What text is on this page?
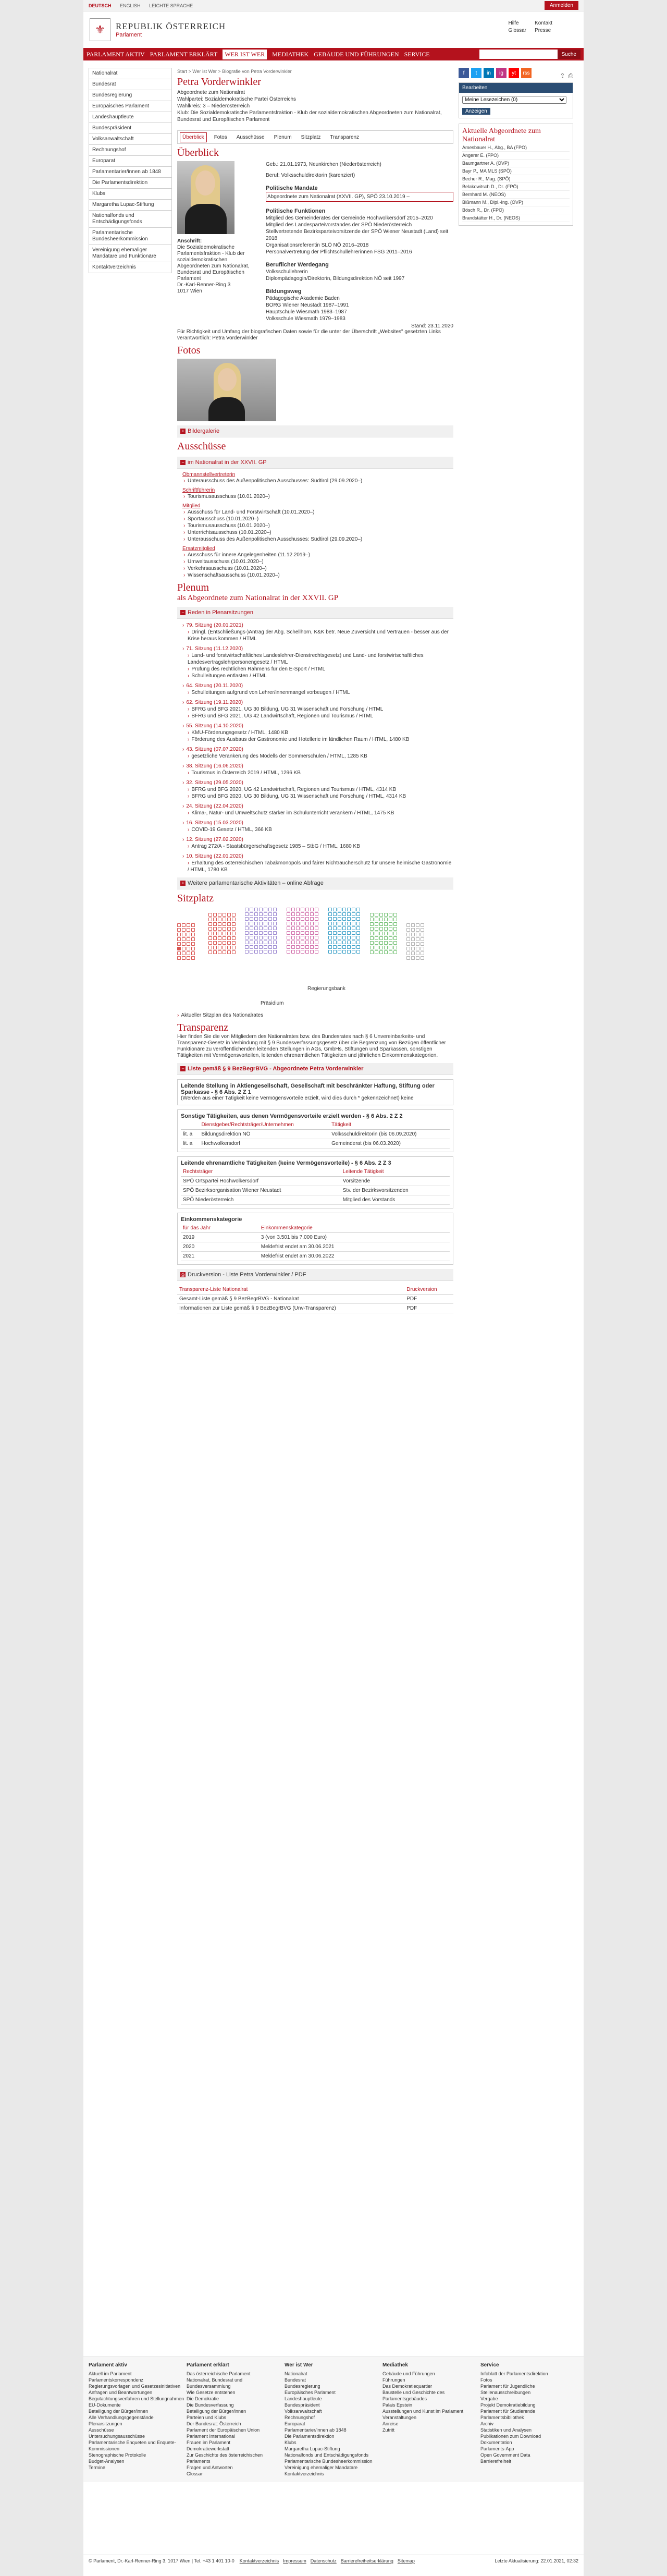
DEUTSCH ENGLISH LEICHTE SPRACHE	Anmelden
⚜	REPUBLIK ÖSTERREICH
Parlament
Hilfe
Glossar
Kontakt
Presse
PARLAMENT AKTIV PARLAMENT ERKLÄRT	WER IST WER	MEDIATHEK GEBÄUDE UND FÜHRUNGEN SERVICE	Suche
Nationalrat
Bundesrat
Bundesregierung
Europäisches Parlament
Landeshauptleute
Bundespräsident
Volksanwaltschaft
Rechnungshof
Europarat
Parlamentarier/innen ab 1848
Die Parlamentsdirektion
Klubs
Margaretha Lupac-Stiftung
Nationalfonds und Entschädigungsfonds
Parlamentarische Bundesheerkommission
Vereinigung ehemaliger Mandatare und Funktionäre
Kontaktverzeichnis
Start > Wer ist Wer > Biografie von Petra Vorderwinkler
Petra Vorderwinkler
Abgeordnete zum Nationalrat
Wahlpartei: Sozialdemokratische Partei Österreichs
Wahlkreis: 3 – Niederösterreich
Klub: Die Sozialdemokratische Parlamentsfraktion - Klub der sozialdemokratischen Abgeordneten zum Nationalrat, Bundesrat und Europäischen Parlament
Überblick	Fotos	Ausschüsse	Plenum	Sitzplatz	Transparenz
Überblick
Anschrift:
Die Sozialdemokratische Parlamentsfraktion - Klub der sozialdemokratischen Abgeordneten zum Nationalrat, Bundesrat und Europäischen Parlament
Dr.-Karl-Renner-Ring 3
1017 Wien
Geb.: 21.01.1973, Neunkirchen (Niederösterreich)
Beruf: Volksschuldirektorin (karenziert)
Politische Mandate
Abgeordnete zum Nationalrat (XXVII. GP), SPÖ 23.10.2019 –
Politische Funktionen
Mitglied des Gemeinderates der Gemeinde Hochwolkersdorf 2015–2020
Mitglied des Landesparteivorstandes der SPÖ Niederösterreich
Stellvertretende Bezirksparteivorsitzende der SPÖ Wiener Neustadt (Land) seit 2018
Organisationsreferentin SLÖ NÖ 2016–2018
Personalvertretung der Pflichtschullehrerinnen FSG 2011–2016
Beruflicher Werdegang
Volksschullehrerin
Diplompädagogin/Direktorin, Bildungsdirektion NÖ seit 1997
Bildungsweg
Pädagogische Akademie Baden
BORG Wiener Neustadt 1987–1991
Hauptschule Wiesmath 1983–1987
Volksschule Wiesmath 1979–1983
Stand: 23.11.2020
Für Richtigkeit und Umfang der biografischen Daten sowie für die unter der Überschrift „Websites" gesetzten Links verantwortlich: Petra Vorderwinkler
Fotos
+ Bildergalerie
Ausschüsse
− im Nationalrat in der XXVII. GP
Obmannstellvertreterin
› Unterausschuss des Außenpolitischen Ausschusses: Südtirol (29.09.2020–)
Schriftführerin
› Tourismusausschuss (10.01.2020–)
Mitglied
› Ausschuss für Land- und Forstwirtschaft (10.01.2020–)
› Sportausschuss (10.01.2020–)
› Tourismusausschuss (10.01.2020–)
› Unterrichtsausschuss (10.01.2020–)
› Unterausschuss des Außenpolitischen Ausschusses: Südtirol (29.09.2020–)
Ersatzmitglied
› Ausschuss für innere Angelegenheiten (11.12.2019–)
› Umweltausschuss (10.01.2020–)
› Verkehrsausschuss (10.01.2020–)
› Wissenschaftsausschuss (10.01.2020–)
Plenum
als Abgeordnete zum Nationalrat in der XXVII. GP
− Reden in Plenarsitzungen
› 79. Sitzung (20.01.2021)
› Dringl. (Entschließungs-)Antrag der Abg. Schellhorn, K&K betr. Neue Zuversicht und Vertrauen - besser aus der Krise heraus kommen / HTML
› 71. Sitzung (11.12.2020)
› Land- und forstwirtschaftliches Landeslehrer-Dienstrechtsgesetz) und Land- und forstwirtschaftliches Landesvertragslehrpersonengesetz / HTML
› Prüfung des rechtlichen Rahmens für den E-Sport / HTML
› Schulleitungen entlasten / HTML
› 64. Sitzung (20.11.2020)
› Schulleitungen aufgrund von Lehrer/innenmangel vorbeugen / HTML
› 62. Sitzung (19.11.2020)
› BFRG und BFG 2021, UG 30 Bildung, UG 31 Wissenschaft und Forschung / HTML
› BFRG und BFG 2021, UG 42 Landwirtschaft, Regionen und Tourismus / HTML
› 55. Sitzung (14.10.2020)
› KMU-Förderungsgesetz / HTML, 1480 KB
› Förderung des Ausbaus der Gastronomie und Hotellerie im ländlichen Raum / HTML, 1480 KB
› 43. Sitzung (07.07.2020)
› gesetzliche Verankerung des Modells der Sommerschulen / HTML, 1285 KB
› 38. Sitzung (16.06.2020)
› Tourismus in Österreich 2019 / HTML, 1296 KB
› 32. Sitzung (29.05.2020)
› BFRG und BFG 2020, UG 42 Landwirtschaft, Regionen und Tourismus / HTML, 4314 KB
› BFRG und BFG 2020, UG 30 Bildung, UG 31 Wissenschaft und Forschung / HTML, 4314 KB
› 24. Sitzung (22.04.2020)
› Klima-, Natur- und Umweltschutz stärker im Schulunterricht verankern / HTML, 1475 KB
› 16. Sitzung (15.03.2020)
› COVID-19 Gesetz / HTML, 366 KB
› 12. Sitzung (27.02.2020)
› Antrag 272/A - Staatsbürgerschaftsgesetz 1985 – StbG / HTML, 1680 KB
› 10. Sitzung (22.01.2020)
› Erhaltung des österreichischen Tabakmonopols und fairer Nichtraucherschutz für unsere heimische Gastronomie / HTML, 1780 KB
+ Weitere parlamentarische Aktivitäten – online Abfrage
Sitzplatz
Regierungsbank
Präsidium
› Aktueller Sitzplan des Nationalrates
Transparenz
Hier finden Sie die von Mitgliedern des Nationalrates bzw. des Bundesrates nach § 6 Unvereinbarkeits- und Transparenz-Gesetz in Verbindung mit § 9 Bundesverfassungsgesetz über die Begrenzung von Bezügen öffentlicher Funktionäre zu veröffentlichenden leitenden Stellungen in AGs, GmbHs, Stiftungen und Sparkassen, sonstigen Tätigkeiten mit Vermögensvorteilen, leitenden ehrenamtlichen Tätigkeiten und jährlichen Einkommenskategorien.
− Liste gemäß § 9 BezBegrBVG - Abgeordnete Petra Vorderwinkler
Leitende Stellung in Aktiengesellschaft, Gesellschaft mit beschränkter Haftung, Stiftung oder Sparkasse - § 6 Abs. 2 Z 1
(Werden aus einer Tätigkeit keine Vermögensvorteile erzielt, wird dies durch * gekennzeichnet) keine
Sonstige Tätigkeiten, aus denen Vermögensvorteile erzielt werden - § 6 Abs. 2 Z 2
	Dienstgeber/Rechtsträger/Unternehmen	Tätigkeit
lit. a	Bildungsdirektion NÖ	Volksschuldirektorin (bis 06.09.2020)
lit. a	Hochwolkersdorf	Gemeinderat (bis 06.03.2020)
Leitende ehrenamtliche Tätigkeiten (keine Vermögensvorteile) - § 6 Abs. 2 Z 3
Rechtsträger	Leitende Tätigkeit
SPÖ Ortspartei Hochwolkersdorf	Vorsitzende
SPÖ Bezirksorganisation Wiener Neustadt	Stv. der Bezirksvorsitzenden
SPÖ Niederösterreich	Mitglied des Vorstands
Einkommenskategorie
für das Jahr	Einkommenskategorie
2019	3 (von 3.501 bis 7.000 Euro)
2020	Meldefrist endet am 30.06.2021
2021	Meldefrist endet am 30.06.2022
⎙ Druckversion - Liste Petra Vorderwinkler / PDF
Transparenz-Liste Nationalrat	Druckversion
Gesamt-Liste gemäß § 9 BezBegrBVG - Nationalrat	PDF
Informationen zur Liste gemäß § 9 BezBegrBVG (Unv-Transparenz)	PDF
f	t	in	ig	yt	rss
Bearbeiten
Meine Lesezeichen (0) Anzeigen
Aktuelle Abgeordnete zum Nationalrat
Amesbauer H., Abg., BA (FPÖ)
Angerer E. (FPÖ)
Baumgartner A. (ÖVP)
Bayr P., MA MLS (SPÖ)
Becher R., Mag. (SPÖ)
Belakowitsch D., Dr. (FPÖ)
Bernhard M. (NEOS)
Bißmann M., Dipl.-Ing. (ÖVP)
Bösch R., Dr. (FPÖ)
Brandstätter H., Dr. (NEOS)
⇪ ⎙
Parlament aktiv
Aktuell im Parlament
Parlamentskorrespondenz
Regierungsvorlagen und Gesetzesinitiativen
Anfragen und Beantwortungen
Begutachtungsverfahren und Stellungnahmen
EU-Dokumente
Beteiligung der Bürger/innen
Alle Verhandlungsgegenstände
Plenarsitzungen
Ausschüsse
Untersuchungsausschüsse
Parlamentarische Enqueten und Enquete-Kommissionen
Stenographische Protokolle
Budget-Analysen
Termine
Parlament erklärt
Das österreichische Parlament
Nationalrat, Bundesrat und Bundesversammlung
Wie Gesetze entstehen
Die Demokratie
Die Bundesverfassung
Beteiligung der Bürger/innen
Parteien und Klubs
Der Bundesrat: Österreich
Parlament der Europäischen Union
Parlament International
Frauen im Parlament
Demokratiewerkstatt
Zur Geschichte des österreichischen Parlaments
Fragen und Antworten
Glossar
Wer ist Wer
Nationalrat
Bundesrat
Bundesregierung
Europäisches Parlament
Landeshauptleute
Bundespräsident
Volksanwaltschaft
Rechnungshof
Europarat
Parlamentarier/innen ab 1848
Die Parlamentsdirektion
Klubs
Margaretha Lupac-Stiftung
Nationalfonds und Entschädigungsfonds
Parlamentarische Bundesheerkommission
Vereinigung ehemaliger Mandatare
Kontaktverzeichnis
Mediathek
Gebäude und Führungen
Führungen
Das Demokratiequartier
Baustelle und Geschichte des Parlamentsgebäudes
Palais Epstein
Ausstellungen und Kunst im Parlament
Veranstaltungen
Anreise
Zutritt
Service
Infoblatt der Parlamentsdirektion
Fotos
Parlament für Jugendliche
Stellenausschreibungen
Vergabe
Projekt Demokratiebildung
Parlament für Studierende
Parlamentsbibliothek
Archiv
Statistiken und Analysen
Publikationen zum Download
Dokumentation
Parlaments-App
Open Government Data
Barrierefreiheit
© Parlament, Dr.-Karl-Renner-Ring 3, 1017 Wien | Tel. +43 1 401 10-0 Kontaktverzeichnis Impressum Datenschutz Barrierefreiheitserklärung Sitemap	Letzte Aktualisierung: 22.01.2021, 02:32
